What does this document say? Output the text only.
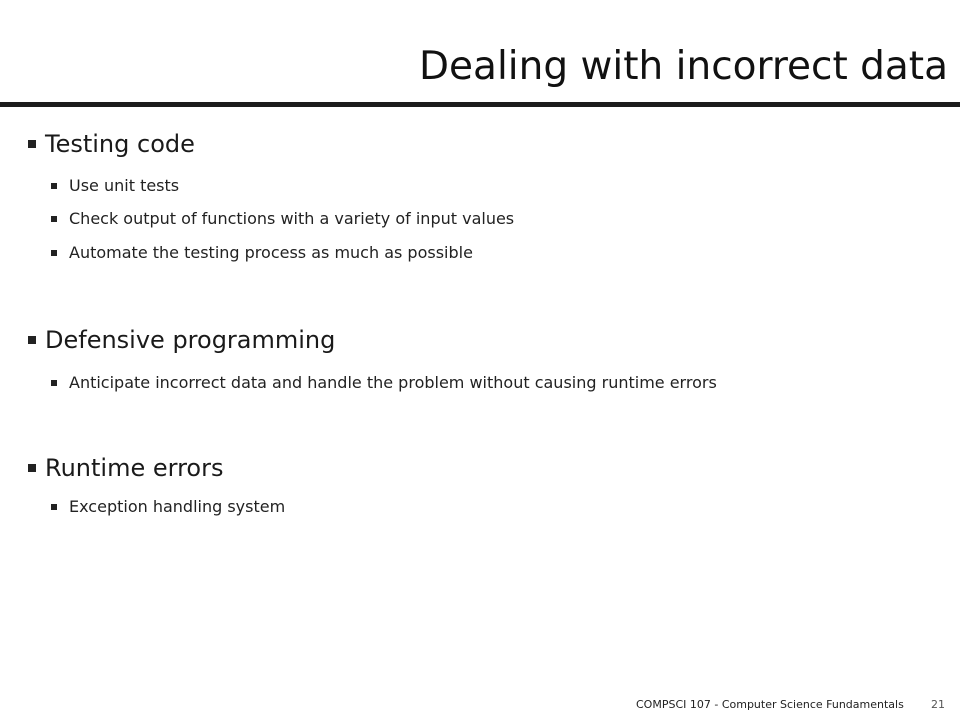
Dealing with incorrect data
Testing code
Use unit tests
Check output of functions with a variety of input values
Automate the testing process as much as possible
Defensive programming
Anticipate incorrect data and handle the problem without causing runtime errors
Runtime errors
Exception handling system
COMPSCI 107 - Computer Science Fundamentals 21
